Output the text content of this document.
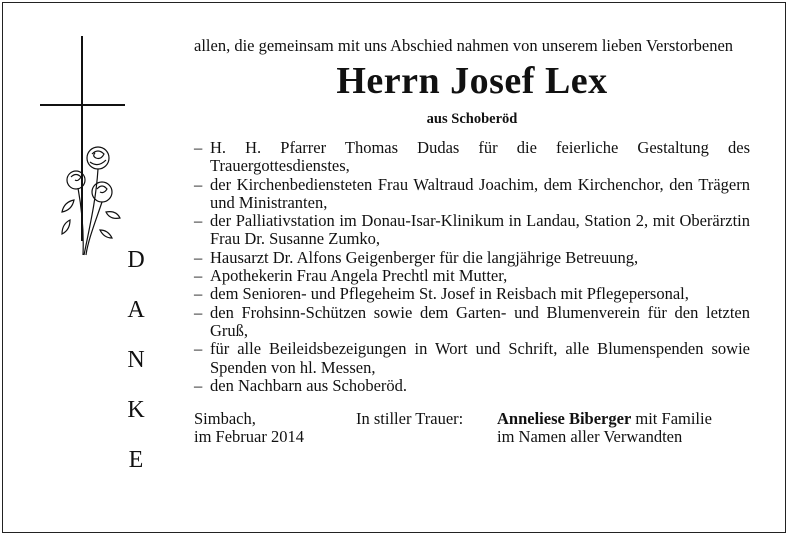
D
A
N
K
E

allen, die gemeinsam mit uns Abschied nahmen von unserem lieben Verstorbenen

Herrn Josef Lex
aus Schoberöd
– H. H. Pfarrer Thomas Dudas für die feierliche Gestaltung des Trauergottesdienstes,
– der Kirchenbediensteten Frau Waltraud Joachim, dem Kirchenchor, den Trägern und Ministranten,
– der Palliativstation im Donau-Isar-Klinikum in Landau, Station 2, mit Oberärztin Frau Dr. Susanne Zumko,
– Hausarzt Dr. Alfons Geigenberger für die langjährige Betreuung,
– Apothekerin Frau Angela Prechtl mit Mutter,
– dem Senioren- und Pflegeheim St. Josef in Reisbach mit Pflegepersonal,
– den Frohsinn-Schützen sowie dem Garten- und Blumenverein für den letzten Gruß,
– für alle Beileidsbezeigungen in Wort und Schrift, alle Blumenspenden sowie Spenden von hl. Messen,
– den Nachbarn aus Schoberöd.
Simbach,
im Februar 2014
In stiller Trauer: Anneliese Biberger mit Familie
im Namen aller Verwandten
